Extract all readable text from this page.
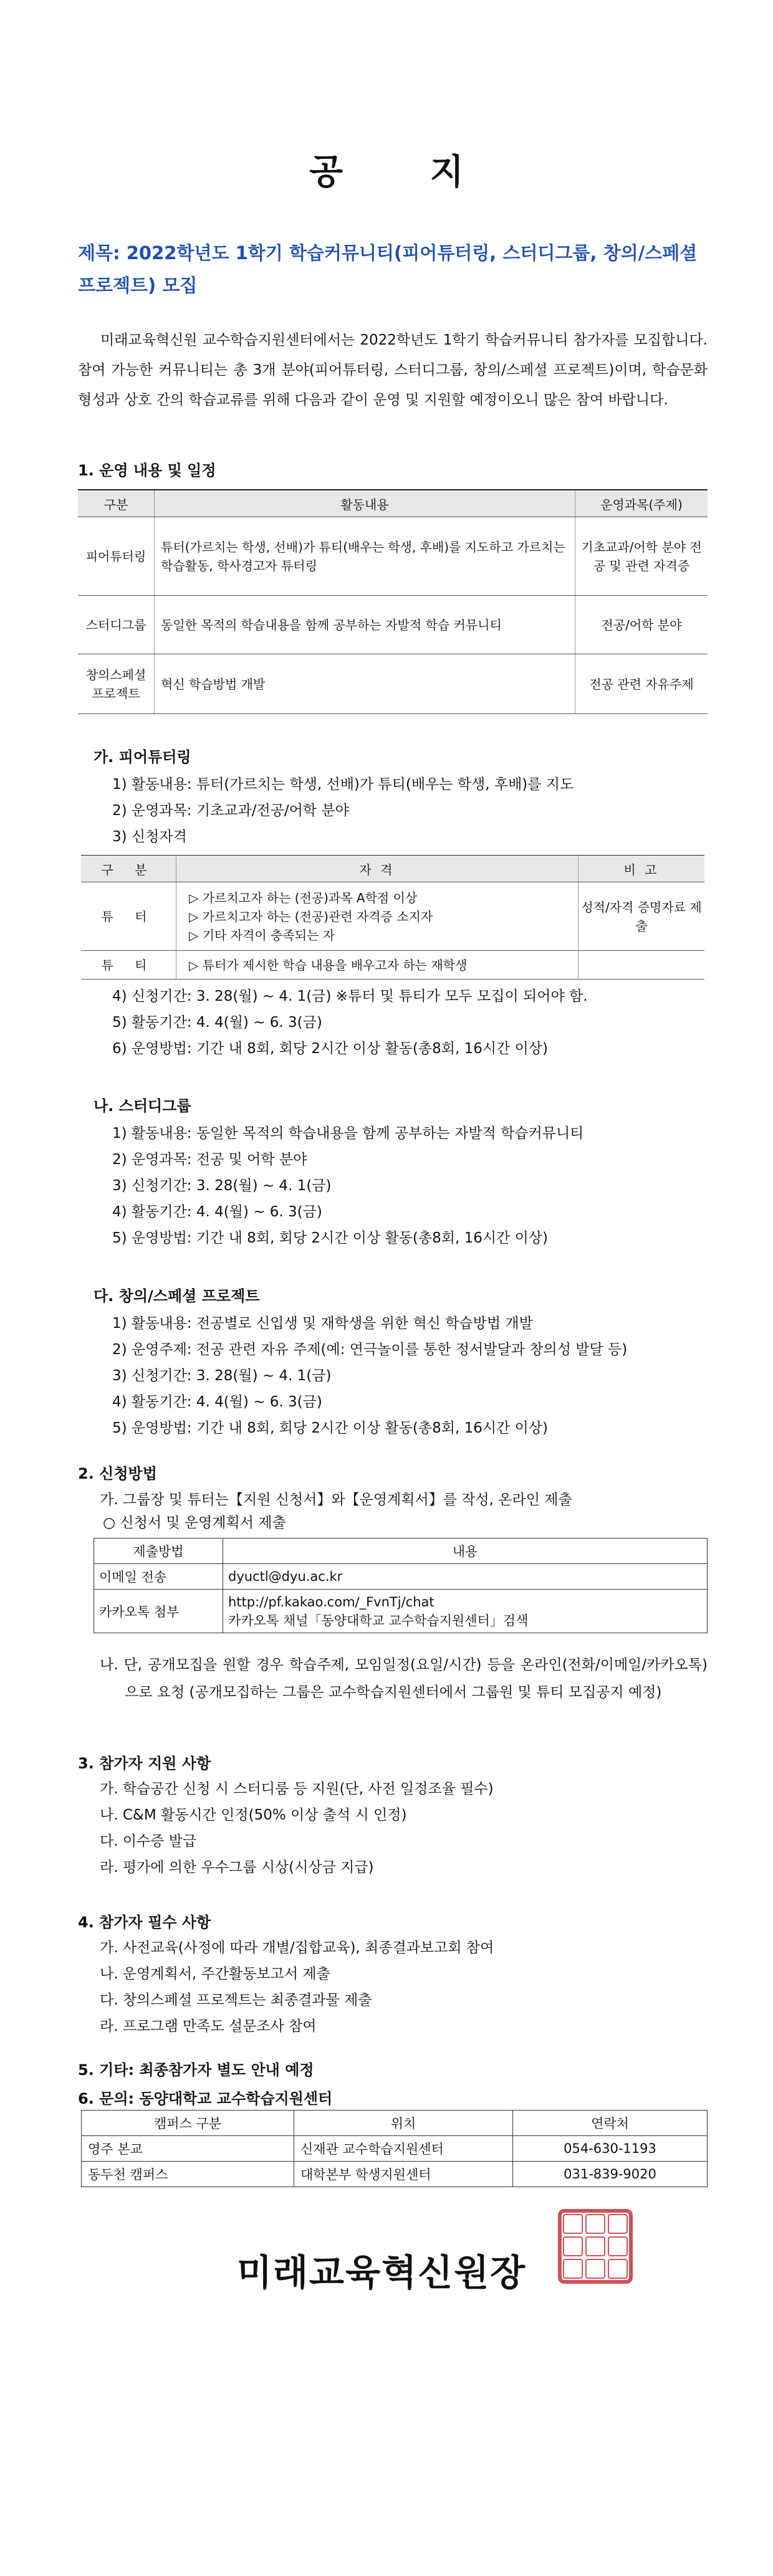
공 지
제목: 2022학년도 1학기 학습커뮤니티(피어튜터링, 스터디그룹, 창의/스페셜 프로젝트) 모집
미래교육혁신원 교수학습지원센터에서는 2022학년도 1학기 학습커뮤니티 참가자를 모집합니다. 참여 가능한 커뮤니티는 총 3개 분야(피어튜터링, 스터디그룹, 창의/스페셜 프로젝트)이며, 학습문화 형성과 상호 간의 학습교류를 위해 다음과 같이 운영 및 지원할 예정이오니 많은 참여 바랍니다.
1. 운영 내용 및 일정
구분	활동내용	운영과목(주제)
피어튜터링	튜터(가르치는 학생, 선배)가 튜티(배우는 학생, 후배)를 지도하고 가르치는 학습활동, 학사경고자 튜터링	기초교과/어학 분야 전공 및 관련 자격증
스터디그룹	동일한 목적의 학습내용을 함께 공부하는 자발적 학습 커뮤니티	전공/어학 분야
창의스페셜 프로젝트	혁신 학습방법 개발	전공 관련 자유주제
가. 피어튜터링
1) 활동내용: 튜터(가르치는 학생, 선배)가 튜티(배우는 학생, 후배)를 지도
2) 운영과목: 기초교과/전공/어학 분야
3) 신청자격
구 분	자 격	비 고
튜 터	▷ 가르치고자 하는 (전공)과목 A학점 이상
▷ 가르치고자 하는 (전공)관련 자격증 소지자
▷ 기타 자격이 충족되는 자	성적/자격 증명자료 제출
튜 티	▷ 튜터가 제시한 학습 내용을 배우고자 하는 재학생	
4) 신청기간: 3. 28(월) ~ 4. 1(금) ※튜터 및 튜티가 모두 모집이 되어야 함.
5) 활동기간: 4. 4(월) ~ 6. 3(금)
6) 운영방법: 기간 내 8회, 회당 2시간 이상 활동(총8회, 16시간 이상)
나. 스터디그룹
1) 활동내용: 동일한 목적의 학습내용을 함께 공부하는 자발적 학습커뮤니티
2) 운영과목: 전공 및 어학 분야
3) 신청기간: 3. 28(월) ~ 4. 1(금)
4) 활동기간: 4. 4(월) ~ 6. 3(금)
5) 운영방법: 기간 내 8회, 회당 2시간 이상 활동(총8회, 16시간 이상)
다. 창의/스페셜 프로젝트
1) 활동내용: 전공별로 신입생 및 재학생을 위한 혁신 학습방법 개발
2) 운영주제: 전공 관련 자유 주제(예: 연극놀이를 통한 정서발달과 창의성 발달 등)
3) 신청기간: 3. 28(월) ~ 4. 1(금)
4) 활동기간: 4. 4(월) ~ 6. 3(금)
5) 운영방법: 기간 내 8회, 회당 2시간 이상 활동(총8회, 16시간 이상)
2. 신청방법
가. 그룹장 및 튜터는【지원 신청서】와【운영계획서】를 작성, 온라인 제출
○ 신청서 및 운영계획서 제출
제출방법	내용
이메일 전송	dyuctl@dyu.ac.kr
카카오톡 첨부	http://pf.kakao.com/_FvnTj/chat
카카오톡 채널「동양대학교 교수학습지원센터」검색
나. 단, 공개모집을 원할 경우 학습주제, 모임일정(요일/시간) 등을 온라인(전화/이메일/카카오톡)으로 요청 (공개모집하는 그룹은 교수학습지원센터에서 그룹원 및 튜티 모집공지 예정)
3. 참가자 지원 사항
가. 학습공간 신청 시 스터디룸 등 지원(단, 사전 일정조율 필수)
나. C&M 활동시간 인정(50% 이상 출석 시 인정)
다. 이수증 발급
라. 평가에 의한 우수그룹 시상(시상금 지급)
4. 참가자 필수 사항
가. 사전교육(사정에 따라 개별/집합교육), 최종결과보고회 참여
나. 운영계획서, 주간활동보고서 제출
다. 창의스페셜 프로젝트는 최종결과물 제출
라. 프로그램 만족도 설문조사 참여
5. 기타: 최종참가자 별도 안내 예정
6. 문의: 동양대학교 교수학습지원센터
캠퍼스 구분	위치	연락처
영주 본교	신재관 교수학습지원센터	054-630-1193
동두천 캠퍼스	대학본부 학생지원센터	031-839-9020
미래교육혁신원장
